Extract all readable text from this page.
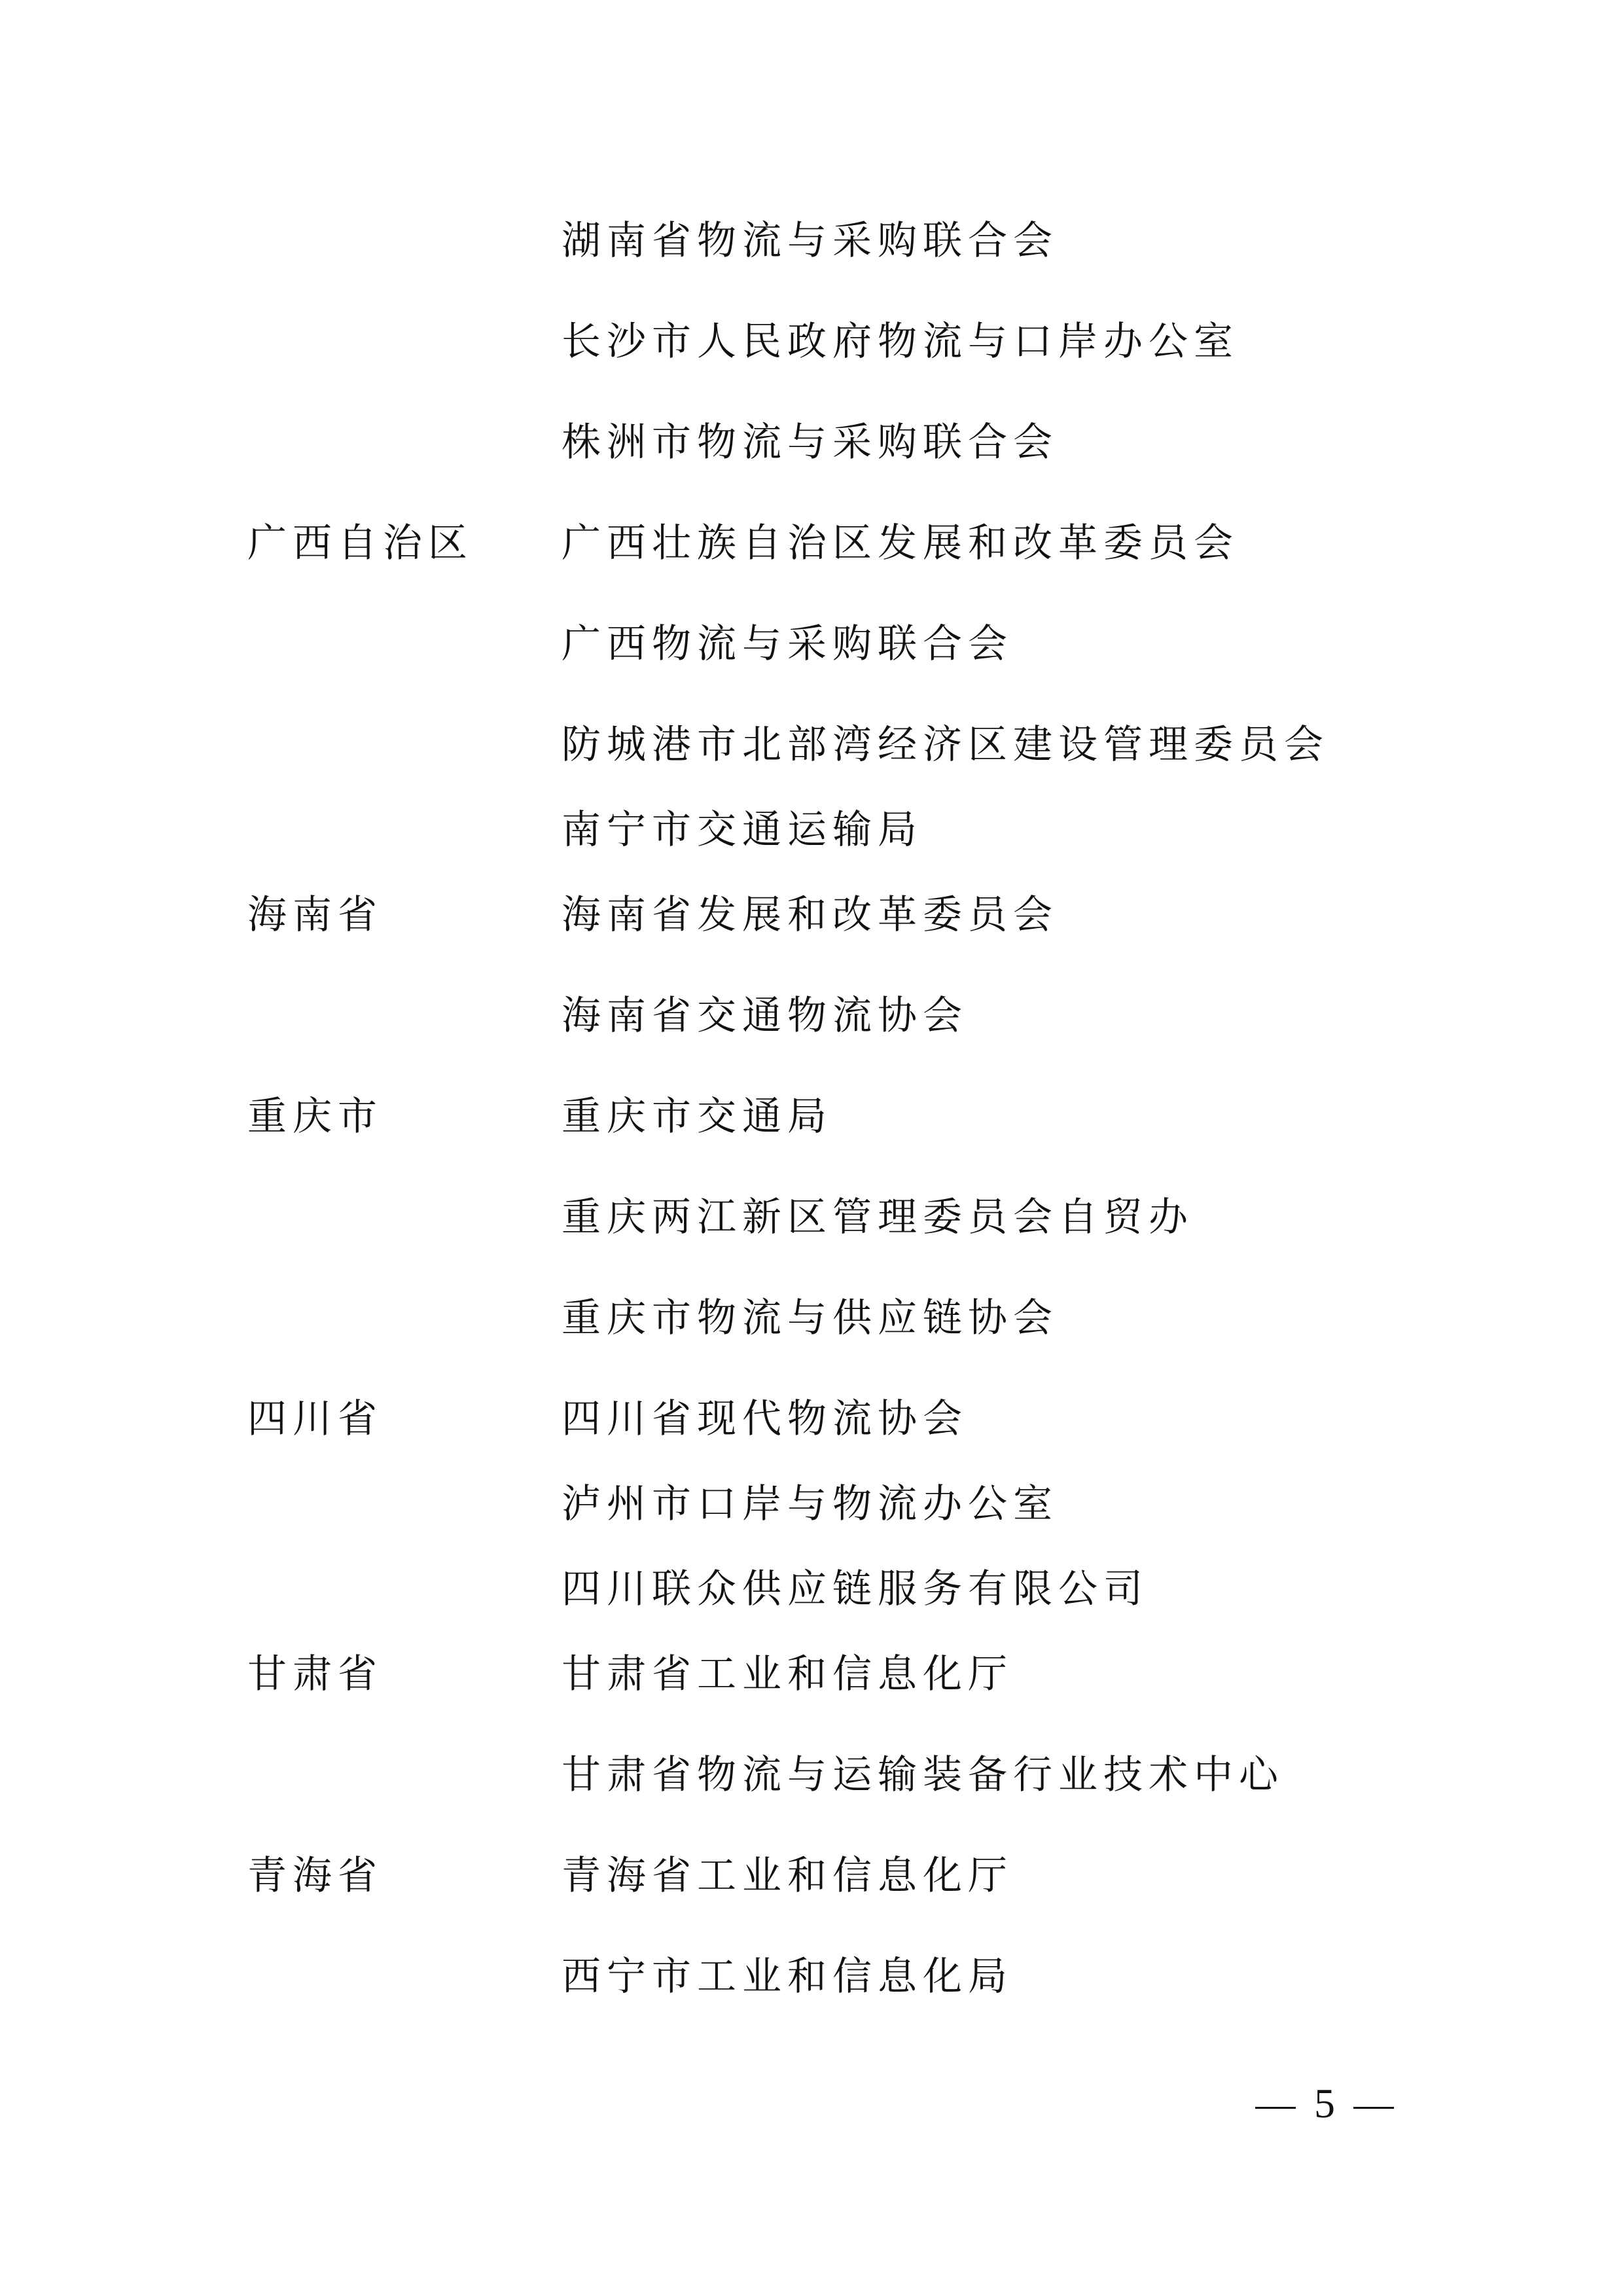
湖南省物流与采购联合会
长沙市人民政府物流与口岸办公室
株洲市物流与采购联合会
广西自治区 广西壮族自治区发展和改革委员会
广西物流与采购联合会
防城港市北部湾经济区建设管理委员会
南宁市交通运输局
海南省	海南省发展和改革委员会
海南省交通物流协会
重庆市	重庆市交通局
重庆两江新区管理委员会自贸办
重庆市物流与供应链协会
四川省	四川省现代物流协会
泸州市口岸与物流办公室
四川联众供应链服务有限公司
甘肃省	甘肃省工业和信息化厅
甘肃省物流与运输装备行业技术中心
青海省	青海省工业和信息化厅
西宁市工业和信息化局
5
